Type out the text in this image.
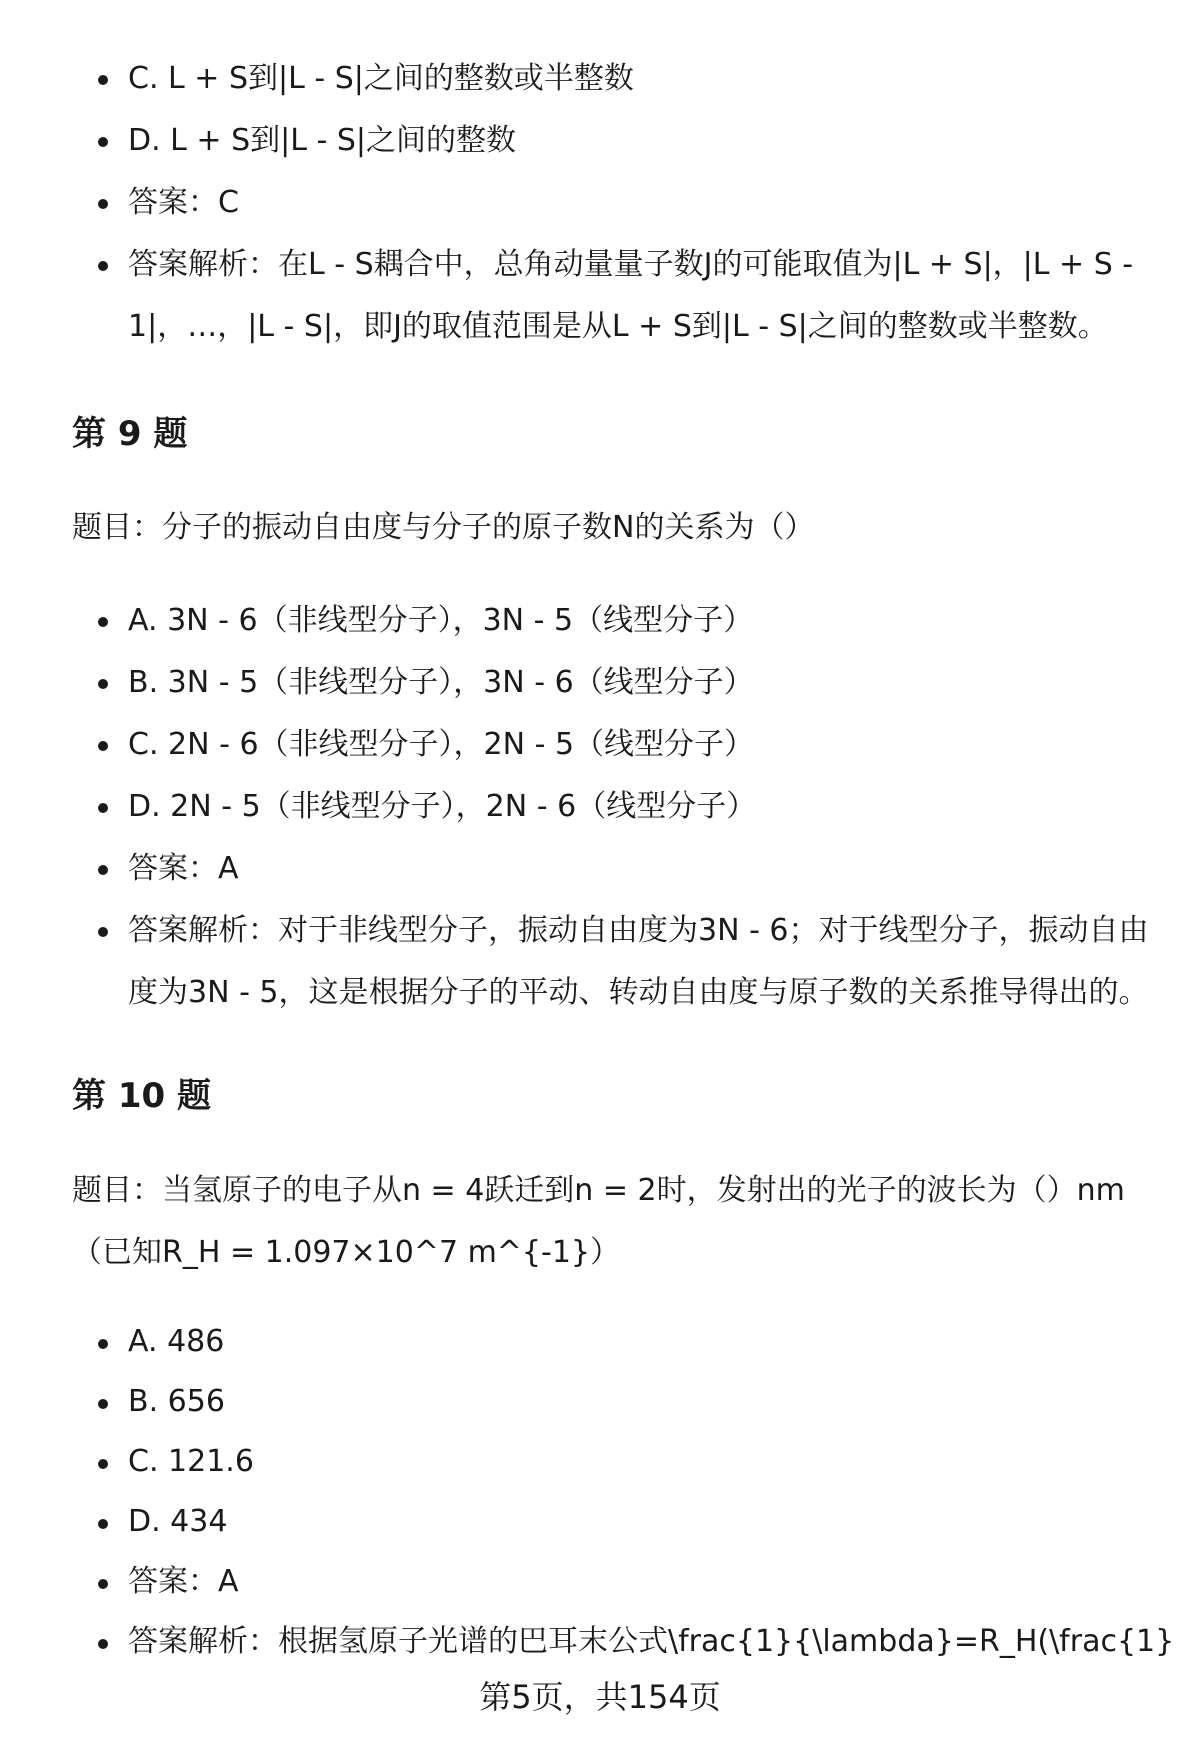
C. L + S到|L - S|之间的整数或半整数
D. L + S到|L - S|之间的整数
答案：C
答案解析：在L - S耦合中，总角动量量子数J的可能取值为|L + S|，|L + S - 1|，…，|L - S|，即J的取值范围是从L + S到|L - S|之间的整数或半整数。
第 9 题
题目：分子的振动自由度与分子的原子数N的关系为（）
A. 3N - 6（非线型分子），3N - 5（线型分子）
B. 3N - 5（非线型分子），3N - 6（线型分子）
C. 2N - 6（非线型分子），2N - 5（线型分子）
D. 2N - 5（非线型分子），2N - 6（线型分子）
答案：A
答案解析：对于非线型分子，振动自由度为3N - 6；对于线型分子，振动自由度为3N - 5，这是根据分子的平动、转动自由度与原子数的关系推导得出的。
第 10 题
题目：当氢原子的电子从n = 4跃迁到n = 2时，发射出的光子的波长为（）nm（已知R_H = 1.097×10^7 m^{-1}）
A. 486
B. 656
C. 121.6
D. 434
答案：A
答案解析：根据氢原子光谱的巴耳末公式\frac{1}{\lambda}=R_H(\frac{1}
第5页，共154页
